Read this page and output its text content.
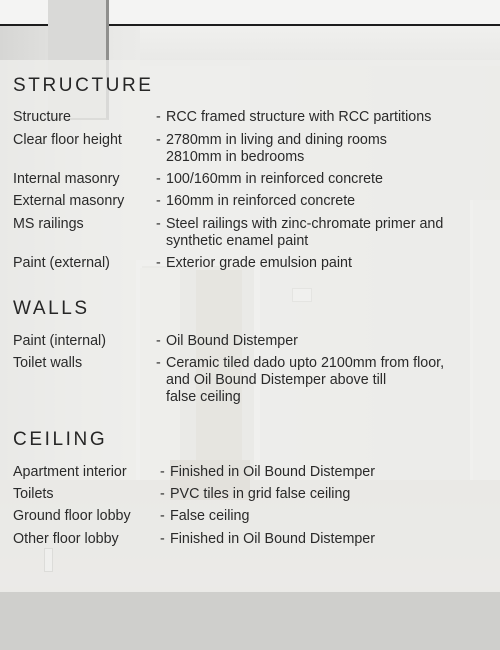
STRUCTURE
Structure	- RCC framed structure with RCC partitions
Clear floor height - 2780mm in living and dining rooms
2810mm in bedrooms
Internal masonry	- 100/160mm in reinforced concrete
External masonry - 160mm in reinforced concrete
MS railings	- Steel railings with zinc-chromate primer and
synthetic enamel paint
Paint (external)	- Exterior grade emulsion paint
WALLS
Paint (internal)	- Oil Bound Distemper
Toilet walls	- Ceramic tiled dado upto 2100mm from floor,
and Oil Bound Distemper above till
false ceiling
CEILING
Apartment interior - Finished in Oil Bound Distemper
Toilets	- PVC tiles in grid false ceiling
Ground floor lobby - False ceiling
Other floor lobby	- Finished in Oil Bound Distemper
